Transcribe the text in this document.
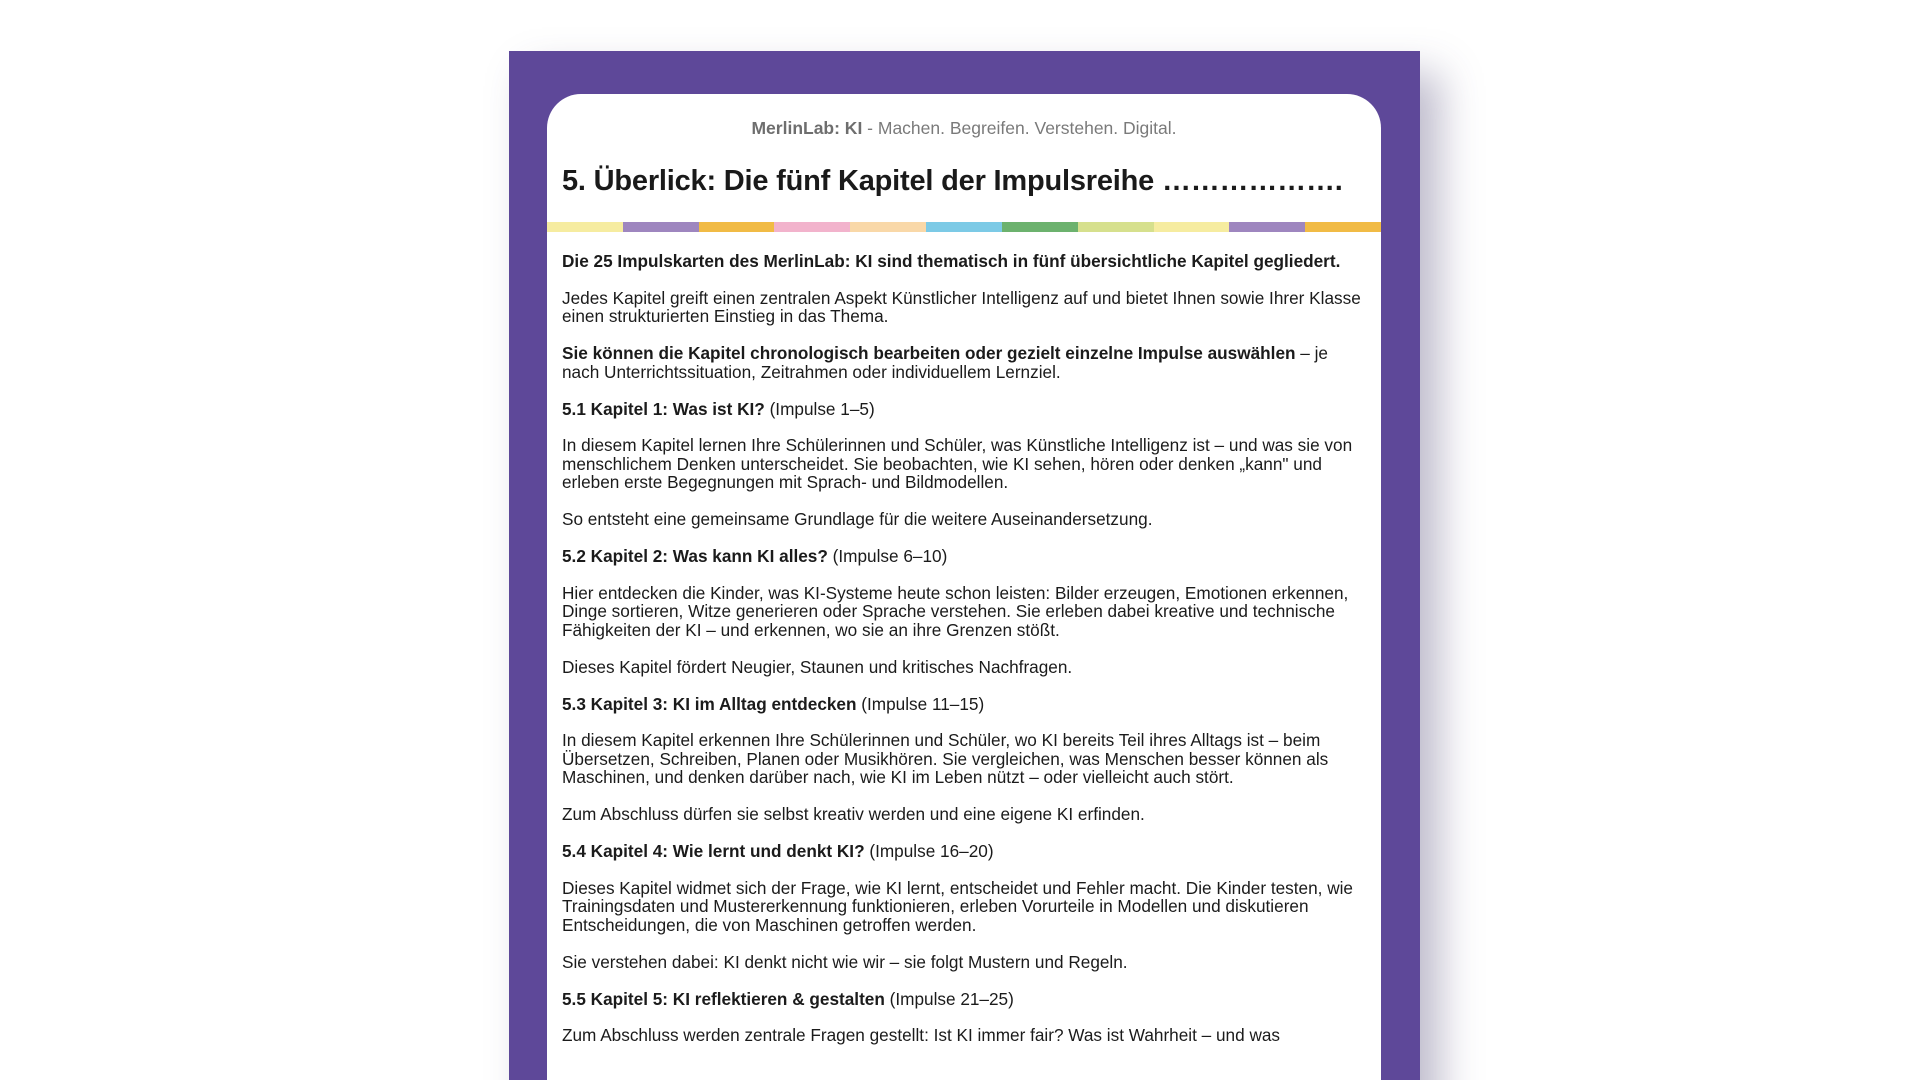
MerlinLab: KI - Machen. Begreifen. Verstehen. Digital.
5. Überlick: Die fünf Kapitel der Impulsreihe ……………….

Die 25 Impulskarten des MerlinLab: KI sind thematisch in fünf übersichtliche Kapitel gegliedert.

Jedes Kapitel greift einen zentralen Aspekt Künstlicher Intelligenz auf und bietet Ihnen sowie Ihrer Klasse einen strukturierten Einstieg in das Thema.

Sie können die Kapitel chronologisch bearbeiten oder gezielt einzelne Impulse auswählen – je nach Unterrichtssituation, Zeitrahmen oder individuellem Lernziel.

5.1 Kapitel 1: Was ist KI? (Impulse 1–5)

In diesem Kapitel lernen Ihre Schülerinnen und Schüler, was Künstliche Intelligenz ist – und was sie von menschlichem Denken unterscheidet. Sie beobachten, wie KI sehen, hören oder denken „kann" und erleben erste Begegnungen mit Sprach- und Bildmodellen.

So entsteht eine gemeinsame Grundlage für die weitere Auseinandersetzung.

5.2 Kapitel 2: Was kann KI alles? (Impulse 6–10)

Hier entdecken die Kinder, was KI-Systeme heute schon leisten: Bilder erzeugen, Emotionen erkennen, Dinge sortieren, Witze generieren oder Sprache verstehen. Sie erleben dabei kreative und technische Fähigkeiten der KI – und erkennen, wo sie an ihre Grenzen stößt.

Dieses Kapitel fördert Neugier, Staunen und kritisches Nachfragen.

5.3 Kapitel 3: KI im Alltag entdecken (Impulse 11–15)

In diesem Kapitel erkennen Ihre Schülerinnen und Schüler, wo KI bereits Teil ihres Alltags ist – beim Übersetzen, Schreiben, Planen oder Musikhören. Sie vergleichen, was Menschen besser können als Maschinen, und denken darüber nach, wie KI im Leben nützt – oder vielleicht auch stört.

Zum Abschluss dürfen sie selbst kreativ werden und eine eigene KI erfinden.

5.4 Kapitel 4: Wie lernt und denkt KI? (Impulse 16–20)

Dieses Kapitel widmet sich der Frage, wie KI lernt, entscheidet und Fehler macht. Die Kinder testen, wie Trainingsdaten und Mustererkennung funktionieren, erleben Vorurteile in Modellen und diskutieren Entscheidungen, die von Maschinen getroffen werden.

Sie verstehen dabei: KI denkt nicht wie wir – sie folgt Mustern und Regeln.

5.5 Kapitel 5: KI reflektieren & gestalten (Impulse 21–25)

Zum Abschluss werden zentrale Fragen gestellt: Ist KI immer fair? Was ist Wahrheit – und was
